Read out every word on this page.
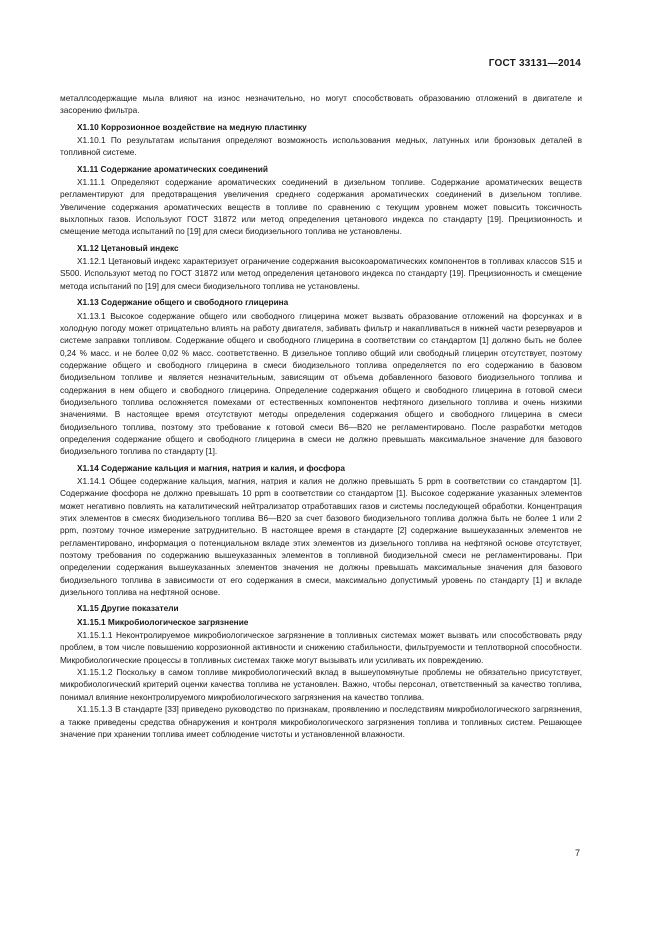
ГОСТ 33131—2014

металлсодержащие мыла влияют на износ незначительно, но могут способствовать образованию отложений в двигателе и засорению фильтра.

X1.10 Коррозионное воздействие на медную пластинку

X1.10.1 По результатам испытания определяют возможность использования медных, латунных или бронзовых деталей в топливной системе.

X1.11 Содержание ароматических соединений

X1.11.1 Определяют содержание ароматических соединений в дизельном топливе. Содержание ароматических веществ регламентируют для предотвращения увеличения среднего содержания ароматических соединений в дизельном топливе. Увеличение содержания ароматических веществ в топливе по сравнению с текущим уровнем может повысить токсичность выхлопных газов. Используют ГОСТ 31872 или метод определения цетанового индекса по стандарту [19]. Прецизионность и смещение метода испытаний по [19] для смеси биодизельного топлива не установлены.

X1.12 Цетановый индекс

X1.12.1 Цетановый индекс характеризует ограничение содержания высокоароматических компонентов в топливах классов S15 и S500. Используют метод по ГОСТ 31872 или метод определения цетанового индекса по стандарту [19]. Прецизионность и смещение метода испытаний по [19] для смеси биодизельного топлива не установлены.

X1.13 Содержание общего и свободного глицерина

X1.13.1 Высокое содержание общего или свободного глицерина может вызвать образование отложений на форсунках и в холодную погоду может отрицательно влиять на работу двигателя, забивать фильтр и накапливаться в нижней части резервуаров и системе заправки топливом. Содержание общего и свободного глицерина в соответствии со стандартом [1] должно быть не более 0,24 % масс. и не более 0,02 % масс. соответственно. В дизельное топливо общий или свободный глицерин отсутствует, поэтому содержание общего и свободного глицерина в смеси биодизельного топлива определяется по его содержанию в базовом биодизельном топливе и является незначительным, зависящим от объема добавленного базового биодизельного топлива и содержания в нем общего и свободного глицерина. Определение содержания общего и свободного глицерина в готовой смеси биодизельного топлива осложняется помехами от естественных компонентов нефтяного дизельного топлива и очень низкими значениями. В настоящее время отсутствуют методы определения содержания общего и свободного глицерина в смеси биодизельного топлива, поэтому это требование к готовой смеси В6—В20 не регламентировано. После разработки методов определения содержание общего и свободного глицерина в смеси не должно превышать максимальное значение для базового биодизельного топлива по стандарту [1].

X1.14 Содержание кальция и магния, натрия и калия, и фосфора

X1.14.1 Общее содержание кальция, магния, натрия и калия не должно превышать 5 ppm в соответствии со стандартом [1]. Содержание фосфора не должно превышать 10 ppm в соответствии со стандартом [1]. Высокое содержание указанных элементов может негативно повлиять на каталитический нейтрализатор отработавших газов и системы последующей обработки. Концентрация этих элементов в смесях биодизельного топлива В6—В20 за счет базового биодизельного топлива должна быть не более 1 или 2 ppm, поэтому точное измерение затруднительно. В настоящее время в стандарте [2] содержание вышеуказанных элементов не регламентировано, информация о потенциальном вкладе этих элементов из дизельного топлива на нефтяной основе отсутствует, поэтому требования по содержанию вышеуказанных элементов в топливной биодизельной смеси не регламентированы. При определении содержания вышеуказанных элементов значения не должны превышать максимальные значения для базового биодизельного топлива в зависимости от его содержания в смеси, максимально допустимый уровень по стандарту [1] и вкладе дизельного топлива на нефтяной основе.

X1.15 Другие показатели
X1.15.1 Микробиологическое загрязнение

X1.15.1.1 Неконтролируемое микробиологическое загрязнение в топливных системах может вызвать или способствовать ряду проблем, в том числе повышению коррозионной активности и снижению стабильности, фильтруемости и теплотворной способности. Микробиологические процессы в топливных системах также могут вызывать или усиливать их повреждению.

X1.15.1.2 Поскольку в самом топливе микробиологический вклад в вышеупомянутые проблемы не обязательно присутствует, микробиологический критерий оценки качества топлива не установлен. Важно, чтобы персонал, ответственный за качество топлива, понимал влияние неконтролируемого микробиологического загрязнения на качество топлива.

X1.15.1.3 В стандарте [33] приведено руководство по признакам, проявлению и последствиям микробиологического загрязнения, а также приведены средства обнаружения и контроля микробиологического загрязнения топлива и топливных систем. Решающее значение при хранении топлива имеет соблюдение чистоты и установленной влажности.

7
